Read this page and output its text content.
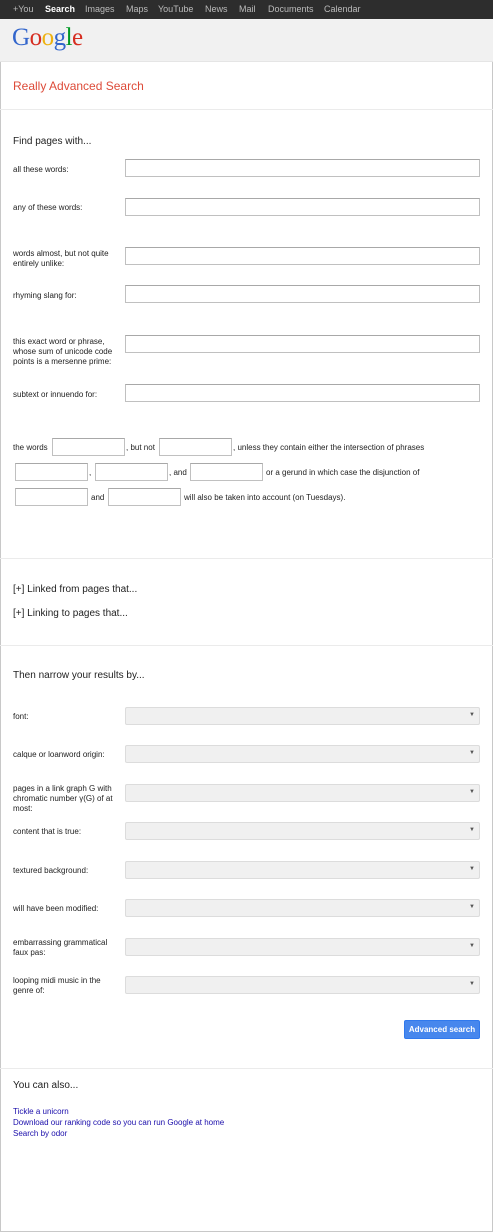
+You Search Images Maps YouTube News Mail Documents Calendar
Google
Really Advanced Search
Find pages with...
all these words:
any of these words:
words almost, but not quite entirely unlike:
rhyming slang for:
this exact word or phrase, whose sum of unicode code points is a mersenne prime:
subtext or innuendo for:
the words	, but not	, unless they contain either the intersection of phrases
,	, and	or a gerund in which case the disjunction of
and	will also be taken into account (on Tuesdays).
[+] Linked from pages that...
[+] Linking to pages that...
Then narrow your results by...
font:	▼
calque or loanword origin:	▼
pages in a link graph G with chromatic number γ(G) of at most:
▼
content that is true:	▼
textured background:	▼
will have been modified:	▼
embarrassing grammatical faux pas:
▼
looping midi music in the genre of:
▼
Advanced search
You can also...
Tickle a unicorn
Download our ranking code so you can run Google at home
Search by odor
